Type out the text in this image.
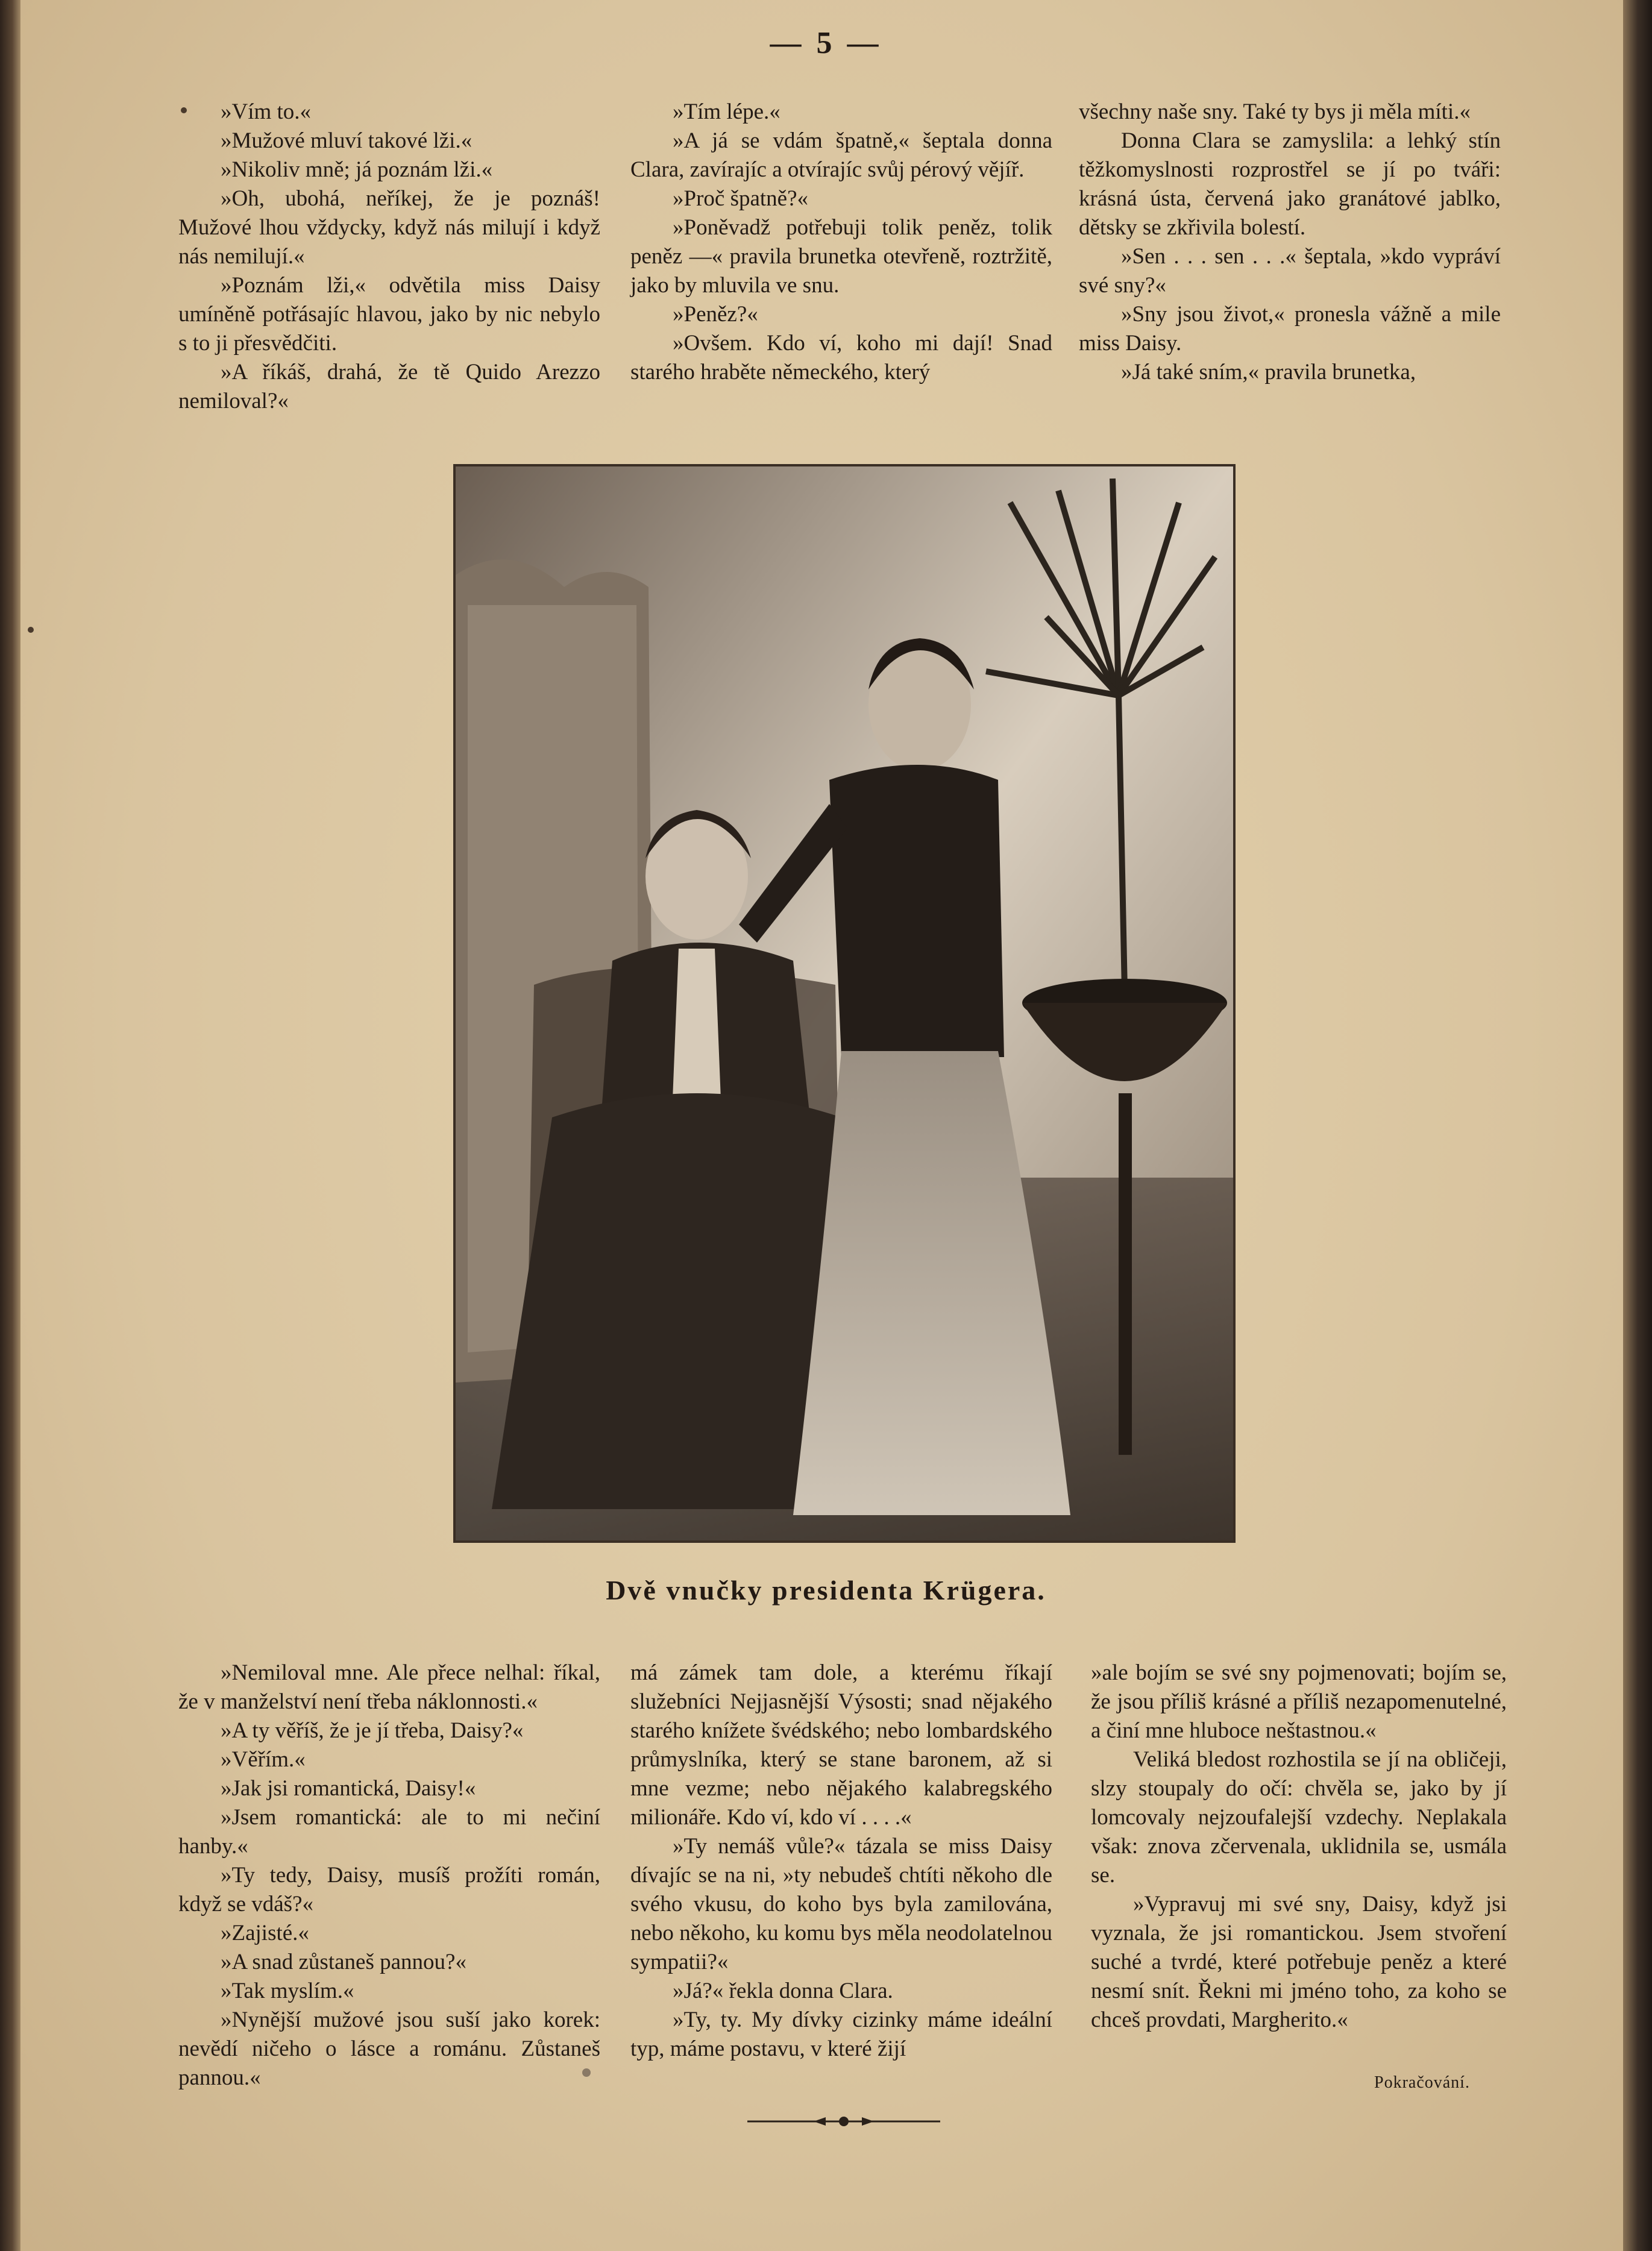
— 5 —

»Vím to.«

»Mužové mluví takové lži.«

»Nikoliv mně; já poznám lži.«

»Oh, ubohá, neříkej, že je poznáš! Mužové lhou vždycky, když nás milují i když nás nemilují.«

»Poznám lži,« odvětila miss Daisy umíněně potřásajíc hlavou, jako by nic nebylo s to ji přesvědčiti.

»A říkáš, drahá, že tě Quido Arezzo nemiloval?«

»Tím lépe.«

»A já se vdám špatně,« šeptala donna Clara, zavírajíc a otvírajíc svůj pérový vějíř.

»Proč špatně?«

»Poněvadž potřebuji tolik peněz, tolik peněz —« pravila brunetka otevřeně, roztržitě, jako by mluvila ve snu.

»Peněz?«

»Ovšem. Kdo ví, koho mi dají! Snad starého hraběte německého, který

všechny naše sny. Také ty bys ji měla míti.«

Donna Clara se zamyslila: a lehký stín těžkomyslnosti rozprostřel se jí po tváři: krásná ústa, červená jako granátové jablko, dětsky se zkřivila bolestí.

»Sen . . . sen . . .« šeptala, »kdo vypráví své sny?«

»Sny jsou život,« pronesla vážně a mile miss Daisy.

»Já také sním,« pravila brunetka,

Dvě vnučky presidenta Krügera.

»Nemiloval mne. Ale přece nelhal: říkal, že v manželství není třeba náklonnosti.«

»A ty věříš, že je jí třeba, Daisy?«

»Věřím.«

»Jak jsi romantická, Daisy!«

»Jsem romantická: ale to mi nečiní hanby.«

»Ty tedy, Daisy, musíš prožíti román, když se vdáš?«

»Zajisté.«

»A snad zůstaneš pannou?«

»Tak myslím.«

»Nynější mužové jsou suší jako korek: nevědí ničeho o lásce a románu. Zůstaneš pannou.«

má zámek tam dole, a kterému říkají služebníci Nejjasnější Výsosti; snad nějakého starého knížete švédského; nebo lombardského průmyslníka, který se stane baronem, až si mne vezme; nebo nějakého kalabregského milionáře. Kdo ví, kdo ví . . . .«

»Ty nemáš vůle?« tázala se miss Daisy dívajíc se na ni, »ty nebudeš chtíti někoho dle svého vkusu, do koho bys byla zamilována, nebo někoho, ku komu bys měla neodolatelnou sympatii?«

»Já?« řekla donna Clara.

»Ty, ty. My dívky cizinky máme ideální typ, máme postavu, v které žijí

»ale bojím se své sny pojmenovati; bojím se, že jsou příliš krásné a příliš nezapomenutelné, a činí mne hluboce neštastnou.«

Veliká bledost rozhostila se jí na obličeji, slzy stoupaly do očí: chvěla se, jako by jí lomcovaly nejzoufalejší vzdechy. Neplakala však: znova zčervenala, uklidnila se, usmála se.

»Vypravuj mi své sny, Daisy, když jsi vyznala, že jsi romantickou. Jsem stvoření suché a tvrdé, které potřebuje peněz a které nesmí snít. Řekni mi jméno toho, za koho se chceš provdati, Margherito.«

Pokračování.
